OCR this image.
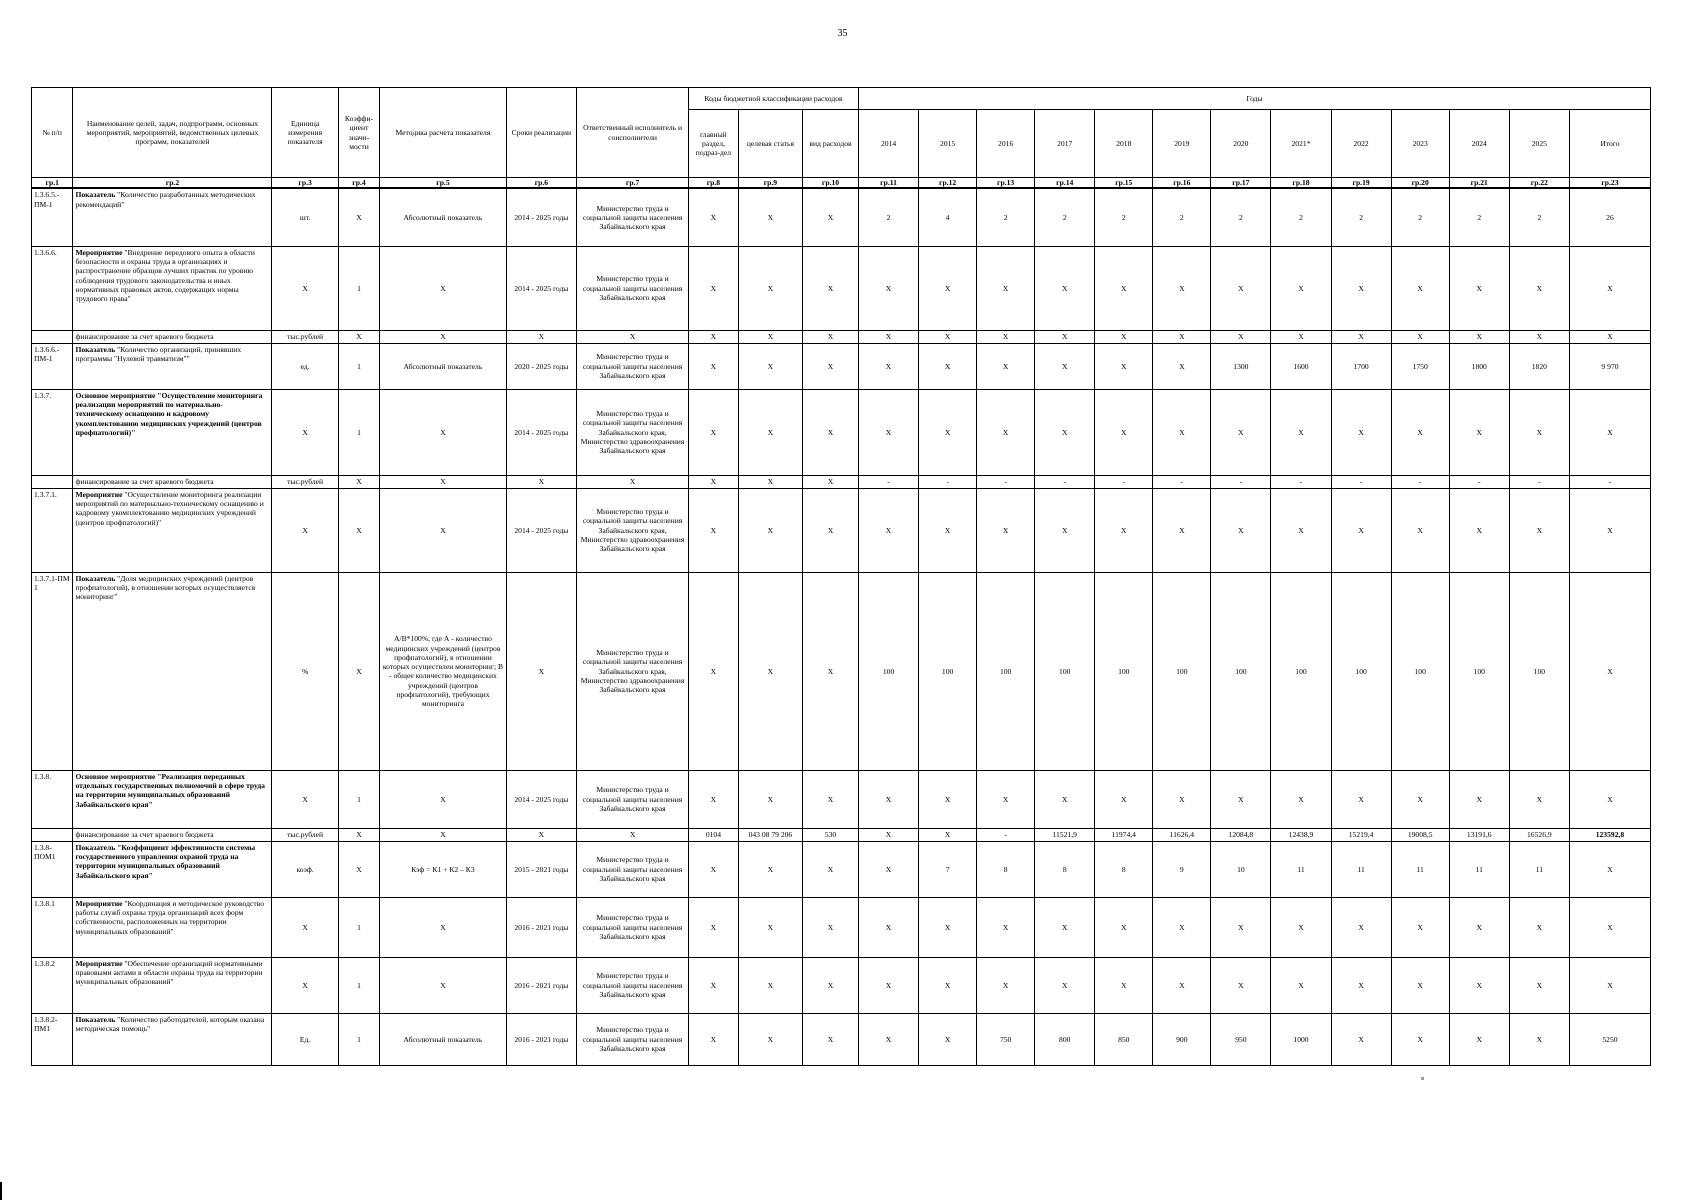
35
№ п/п	Наименование целей, задач, подпрограмм, основных мероприятий, мероприятий, ведомственных целевых программ, показателей	Единица измерения показателя	Коэффи-циент значи-мости	Методика расчета показателя	Сроки реализации	Ответственный исполнитель и соисполнители	Коды бюджетной классификации расходов			Годы												
							главный раздел, подраз-дел	целевая статья	вид расходов	2014	2015	2016	2017	2018	2019	2020	2021*	2022	2023	2024	2025	Итого
гр.1	гр.2	гр.3	гр.4	гр.5	гр.6	гр.7	гр.8	гр.9	гр.10	гр.11	гр.12	гр.13	гр.14	гр.15	гр.16	гр.17	гр.18	гр.19	гр.20	гр.21	гр.22	гр.23
1.3.6.5.-ПМ-1	Показатель "Количество разработанных методических рекомендаций"	шт.	X	Абсолютный показатель	2014 - 2025 годы	Министерство труда и социальной защиты населения Забайкальского края	X	X	X	2	4	2	2	2	2	2	2	2	2	2	2	26
1.3.6.6.	Мероприятие "Внедрение передового опыта в области безопасности и охраны труда в организациях и распространение образцов лучших практик по уровню соблюдения трудового законодательства и иных нормативных правовых актов, содержащих нормы трудового права"	X	1	X	2014 - 2025 годы	Министерство труда и социальной защиты населения Забайкальского края	X	X	X	X	X	X	X	X	X	X	X	X	X	X	X	X
	финансирование за счет краевого бюджета	тыс.рублей	X	X	X	X	X	X	X	X	X	X	X	X	X	X	X	X	X	X	X	X
1.3.6.6.-ПМ-1	Показатель "Количество организаций, принявших программы "Нулевой травматизм""	ед.	1	Абсолютный показатель	2020 - 2025 годы	Министерство труда и социальной защиты населения Забайкальского края	X	X	X	X	X	X	X	X	X	1300	1600	1700	1750	1800	1820	9 970
1.3.7.	Основное мероприятие "Осуществление мониторинга реализации мероприятий по материально-техническому оснащению и кадровому укомплектованию медицинских учреждений (центров профпатологий)"	X	1	X	2014 - 2025 годы	Министерство труда и социальной защиты населения Забайкальского края, Министерство здравоохранения Забайкальского края	X	X	X	X	X	X	X	X	X	X	X	X	X	X	X	X
	финансирование за счет краевого бюджета	тыс.рублей	X	X	X	X	X	X	X	-	-	-	-	-	-	-	-	-	-	-	-	-
1.3.7.1.	Мероприятие "Осуществление мониторинга реализации мероприятий по материально-техническому оснащению и кадровому укомплектованию медицинских учреждений (центров профпатологий)"	X	X	X	2014 - 2025 годы	Министерство труда и социальной защиты населения Забайкальского края, Министерство здравоохранения Забайкальского края	X	X	X	X	X	X	X	X	X	X	X	X	X	X	X	X
1.3.7.1-ПМ 1	Показатель "Доля медицинских учреждений (центров профпатологий), в отношении которых осуществляется мониторинг"	%	X	А/В*100%, где А - количество медицинских учреждений (центров профпатологий), в отношении которых осуществлен мониторинг; В - общее количество медицинских учреждений (центров профпатологий), требующих мониторинга	X	Министерство труда и социальной защиты населения Забайкальского края, Министерство здравоохранения Забайкальского края	X	X	X	100	100	100	100	100	100	100	100	100	100	100	100	X
1.3.8.	Основное мероприятие "Реализация переданных отдельных государственных полномочий в сфере труда на территории муниципальных образований Забайкальского края"	X	1	X	2014 - 2025 годы	Министерство труда и социальной защиты населения Забайкальского края	X	X	X	X	X	X	X	X	X	X	X	X	X	X	X	X
	финансирование за счет краевого бюджета	тыс.рублей	X	X	X	X	0104	043 08 79 206	530	X	X	-	11521,9	11974,4	11626,4	12084,8	12438,9	15219,4	19008,5	13191,6	16526,9	123592,8
1.3.8-ПОМ1	Показатель "Коэффициент эффективности системы государственного управления охраной труда на территории муниципальных образований Забайкальского края"	коэф.	X	Кэф = К1 + К2 – К3	2015 - 2021 годы	Министерство труда и социальной защиты населения Забайкальского края	X	X	X	X	7	8	8	8	9	10	11	11	11	11	11	X
1.3.8.1	Мероприятие "Координация и методическое руководство работы служб охраны труда организаций всех форм собственности, расположенных на территории муниципальных образований"	X	1	X	2016 - 2021 годы	Министерство труда и социальной защиты населения Забайкальского края	X	X	X	X	X	X	X	X	X	X	X	X	X	X	X	X
1.3.8.2	Мероприятие "Обеспечение организаций нормативными правовыми актами в области охраны труда на территории муниципальных образований"	X	1	X	2016 - 2021 годы	Министерство труда и социальной защиты населения Забайкальского края	X	X	X	X	X	X	X	X	X	X	X	X	X	X	X	X
1.3.8.2-ПМ1	Показатель "Количество работодателей, которым оказана методическая помощь"	Ед.	1	Абсолютный показатель	2016 - 2021 годы	Министерство труда и социальной защиты населения Забайкальского края	X	X	X	X	X	750	800	850	900	950	1000	X	X	X	X	5250
